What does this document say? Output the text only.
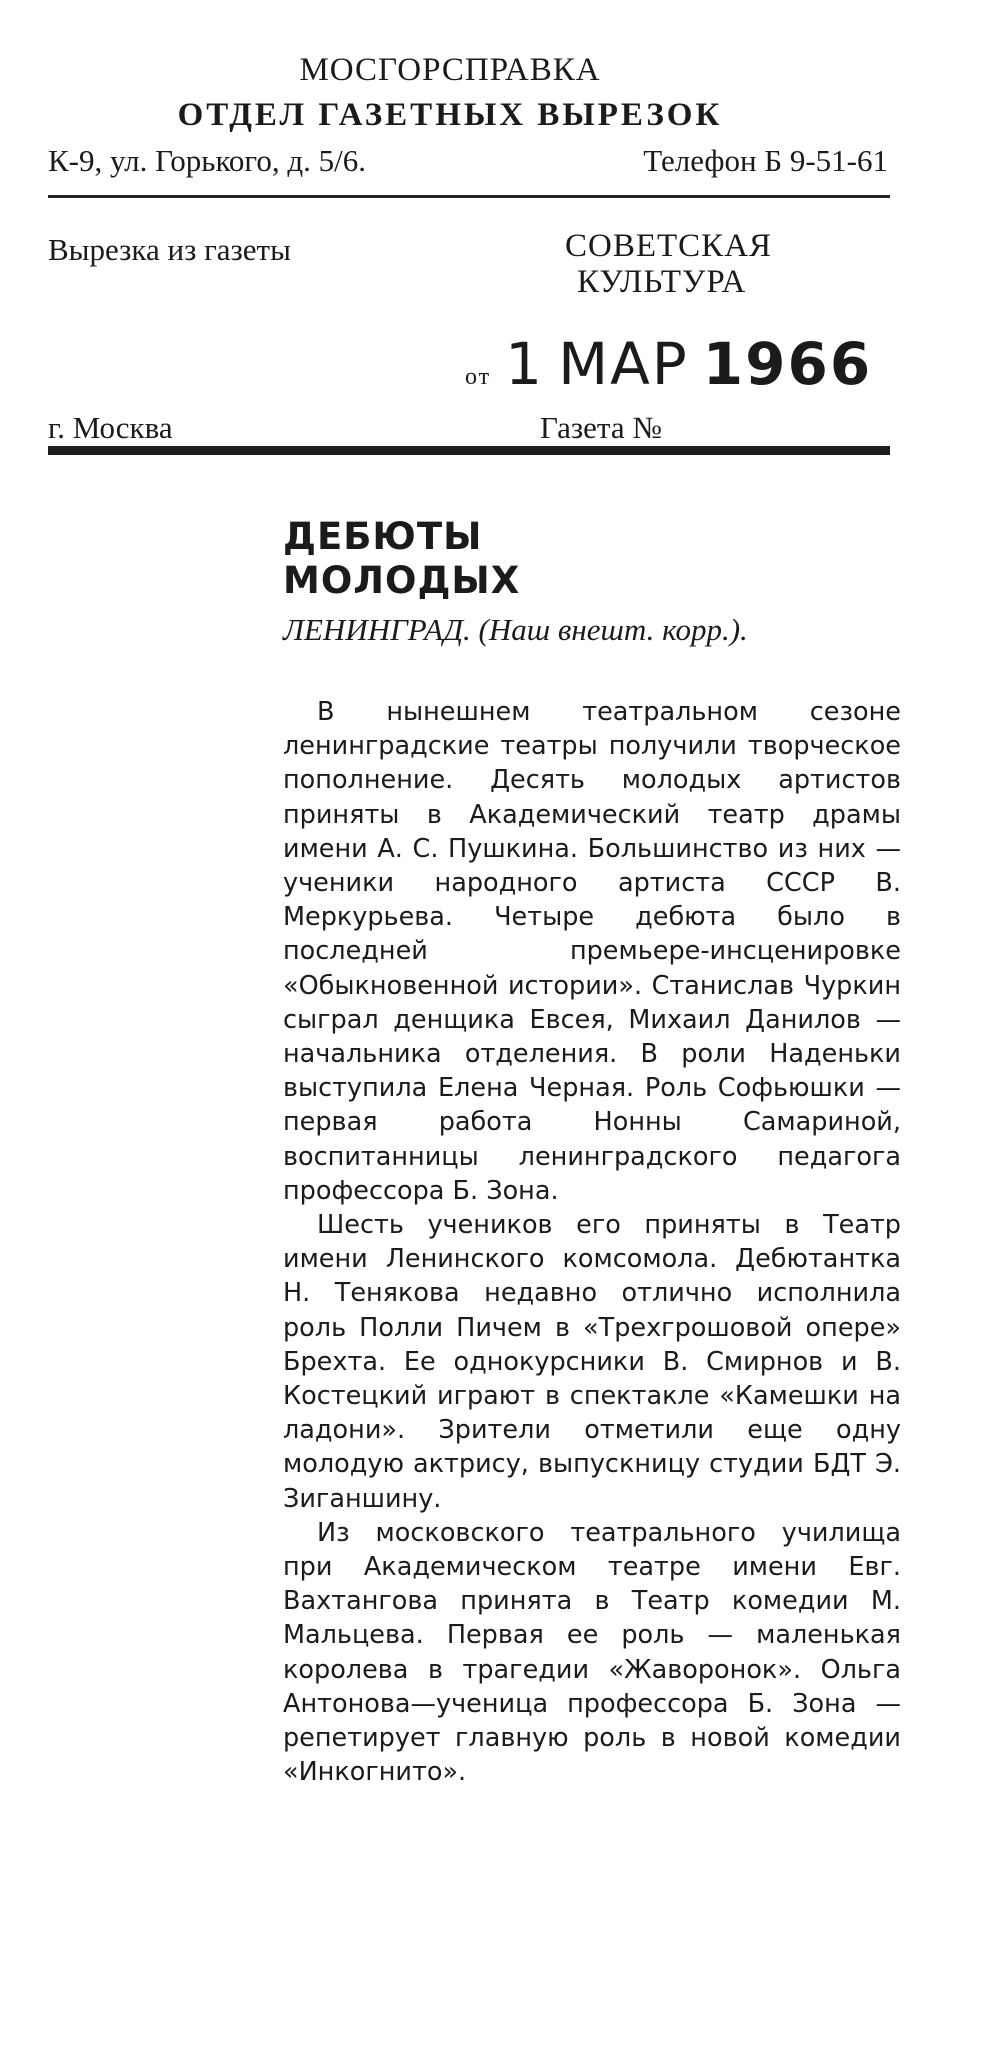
МОСГОРСПРАВКА
ОТДЕЛ ГАЗЕТНЫХ ВЫРЕЗОК
К-9, ул. Горького, д. 5/6.	Телефон Б 9-51-61
Вырезка из газеты	СОВЕТСКАЯ
КУЛЬТУРА
от 1 МАР 1966
г. Москва	Газета №
ДЕБЮТЫ
МОЛОДЫХ
ЛЕНИНГРАД. (Наш внешт. корр.).

В нынешнем театральном сезоне ленинградские театры получили творческое пополнение. Десять молодых артистов приняты в Академический театр драмы имени А. С. Пушкина. Большинство из них — ученики народного артиста СССР В. Меркурьева. Четыре дебюта было в последней премьере-инсценировке «Обыкновенной истории». Станислав Чуркин сыграл денщика Евсея, Михаил Данилов — начальника отделения. В роли Наденьки выступила Елена Черная. Роль Софьюшки — первая работа Нонны Самариной, воспитанницы ленинградского педагога профессора Б. Зона.

Шесть учеников его приняты в Театр имени Ленинского комсомола. Дебютантка Н. Тенякова недавно отлично исполнила роль Полли Пичем в «Трехгрошовой опере» Брехта. Ее однокурсники В. Смирнов и В. Костецкий играют в спектакле «Камешки на ладони». Зрители отметили еще одну молодую актрису, выпускницу студии БДТ Э. Зиганшину.

Из московского театрального училища при Академическом театре имени Евг. Вахтангова принята в Театр комедии М. Мальцева. Первая ее роль — маленькая королева в трагедии «Жаворонок». Ольга Антонова—ученица профессора Б. Зона — репетирует главную роль в новой комедии «Инкогнито».
